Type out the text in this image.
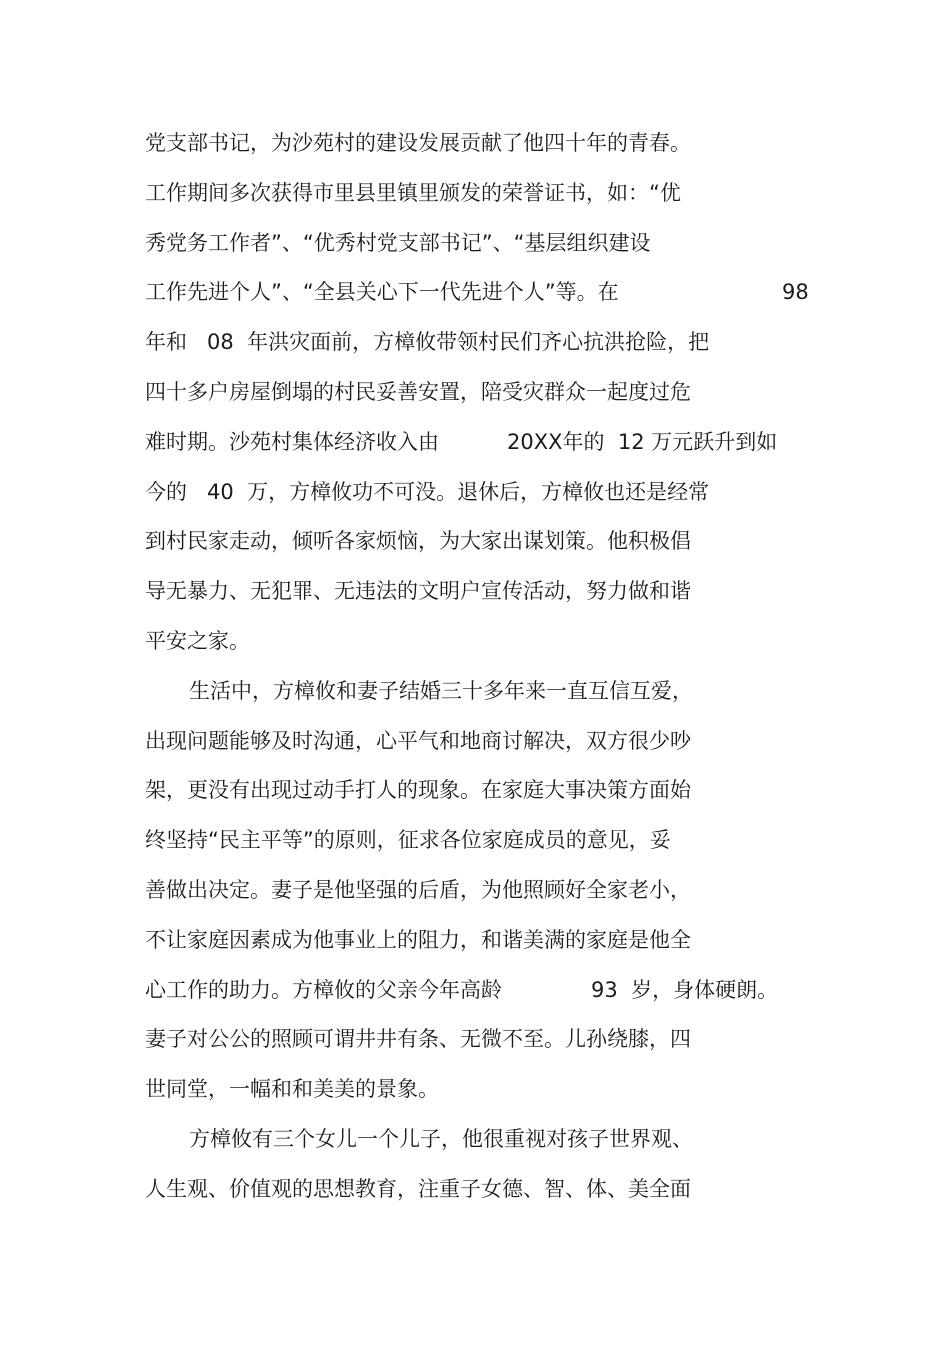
党支部书记，为沙苑村的建设发展贡献了他四十年的青春。
工作期间多次获得市里县里镇里颁发的荣誉证书，如：“优
秀党务工作者”、“优秀村党支部书记”、“基层组织建设
工作先进个人”、“全县关心下一代先进个人”等。在	98
年和   08  年洪灾面前，方樟攸带领村民们齐心抗洪抢险，把
四十多户房屋倒塌的村民妥善安置，陪受灾群众一起度过危
难时期。沙苑村集体经济收入由	20XX年的  12 万元跃升到如
今的   40  万，方樟攸功不可没。退休后，方樟攸也还是经常
到村民家走动，倾听各家烦恼，为大家出谋划策。他积极倡
导无暴力、无犯罪、无违法的文明户宣传活动，努力做和谐
平安之家。
生活中，方樟攸和妻子结婚三十多年来一直互信互爱，
出现问题能够及时沟通，心平气和地商讨解决，双方很少吵
架，更没有出现过动手打人的现象。在家庭大事决策方面始
终坚持“民主平等”的原则，征求各位家庭成员的意见，妥
善做出决定。妻子是他坚强的后盾，为他照顾好全家老小，
不让家庭因素成为他事业上的阻力，和谐美满的家庭是他全
心工作的助力。方樟攸的父亲今年高龄	93  岁，身体硬朗。
妻子对公公的照顾可谓井井有条、无微不至。儿孙绕膝，四
世同堂，一幅和和美美的景象。
方樟攸有三个女儿一个儿子，他很重视对孩子世界观、
人生观、价值观的思想教育，注重子女德、智、体、美全面
